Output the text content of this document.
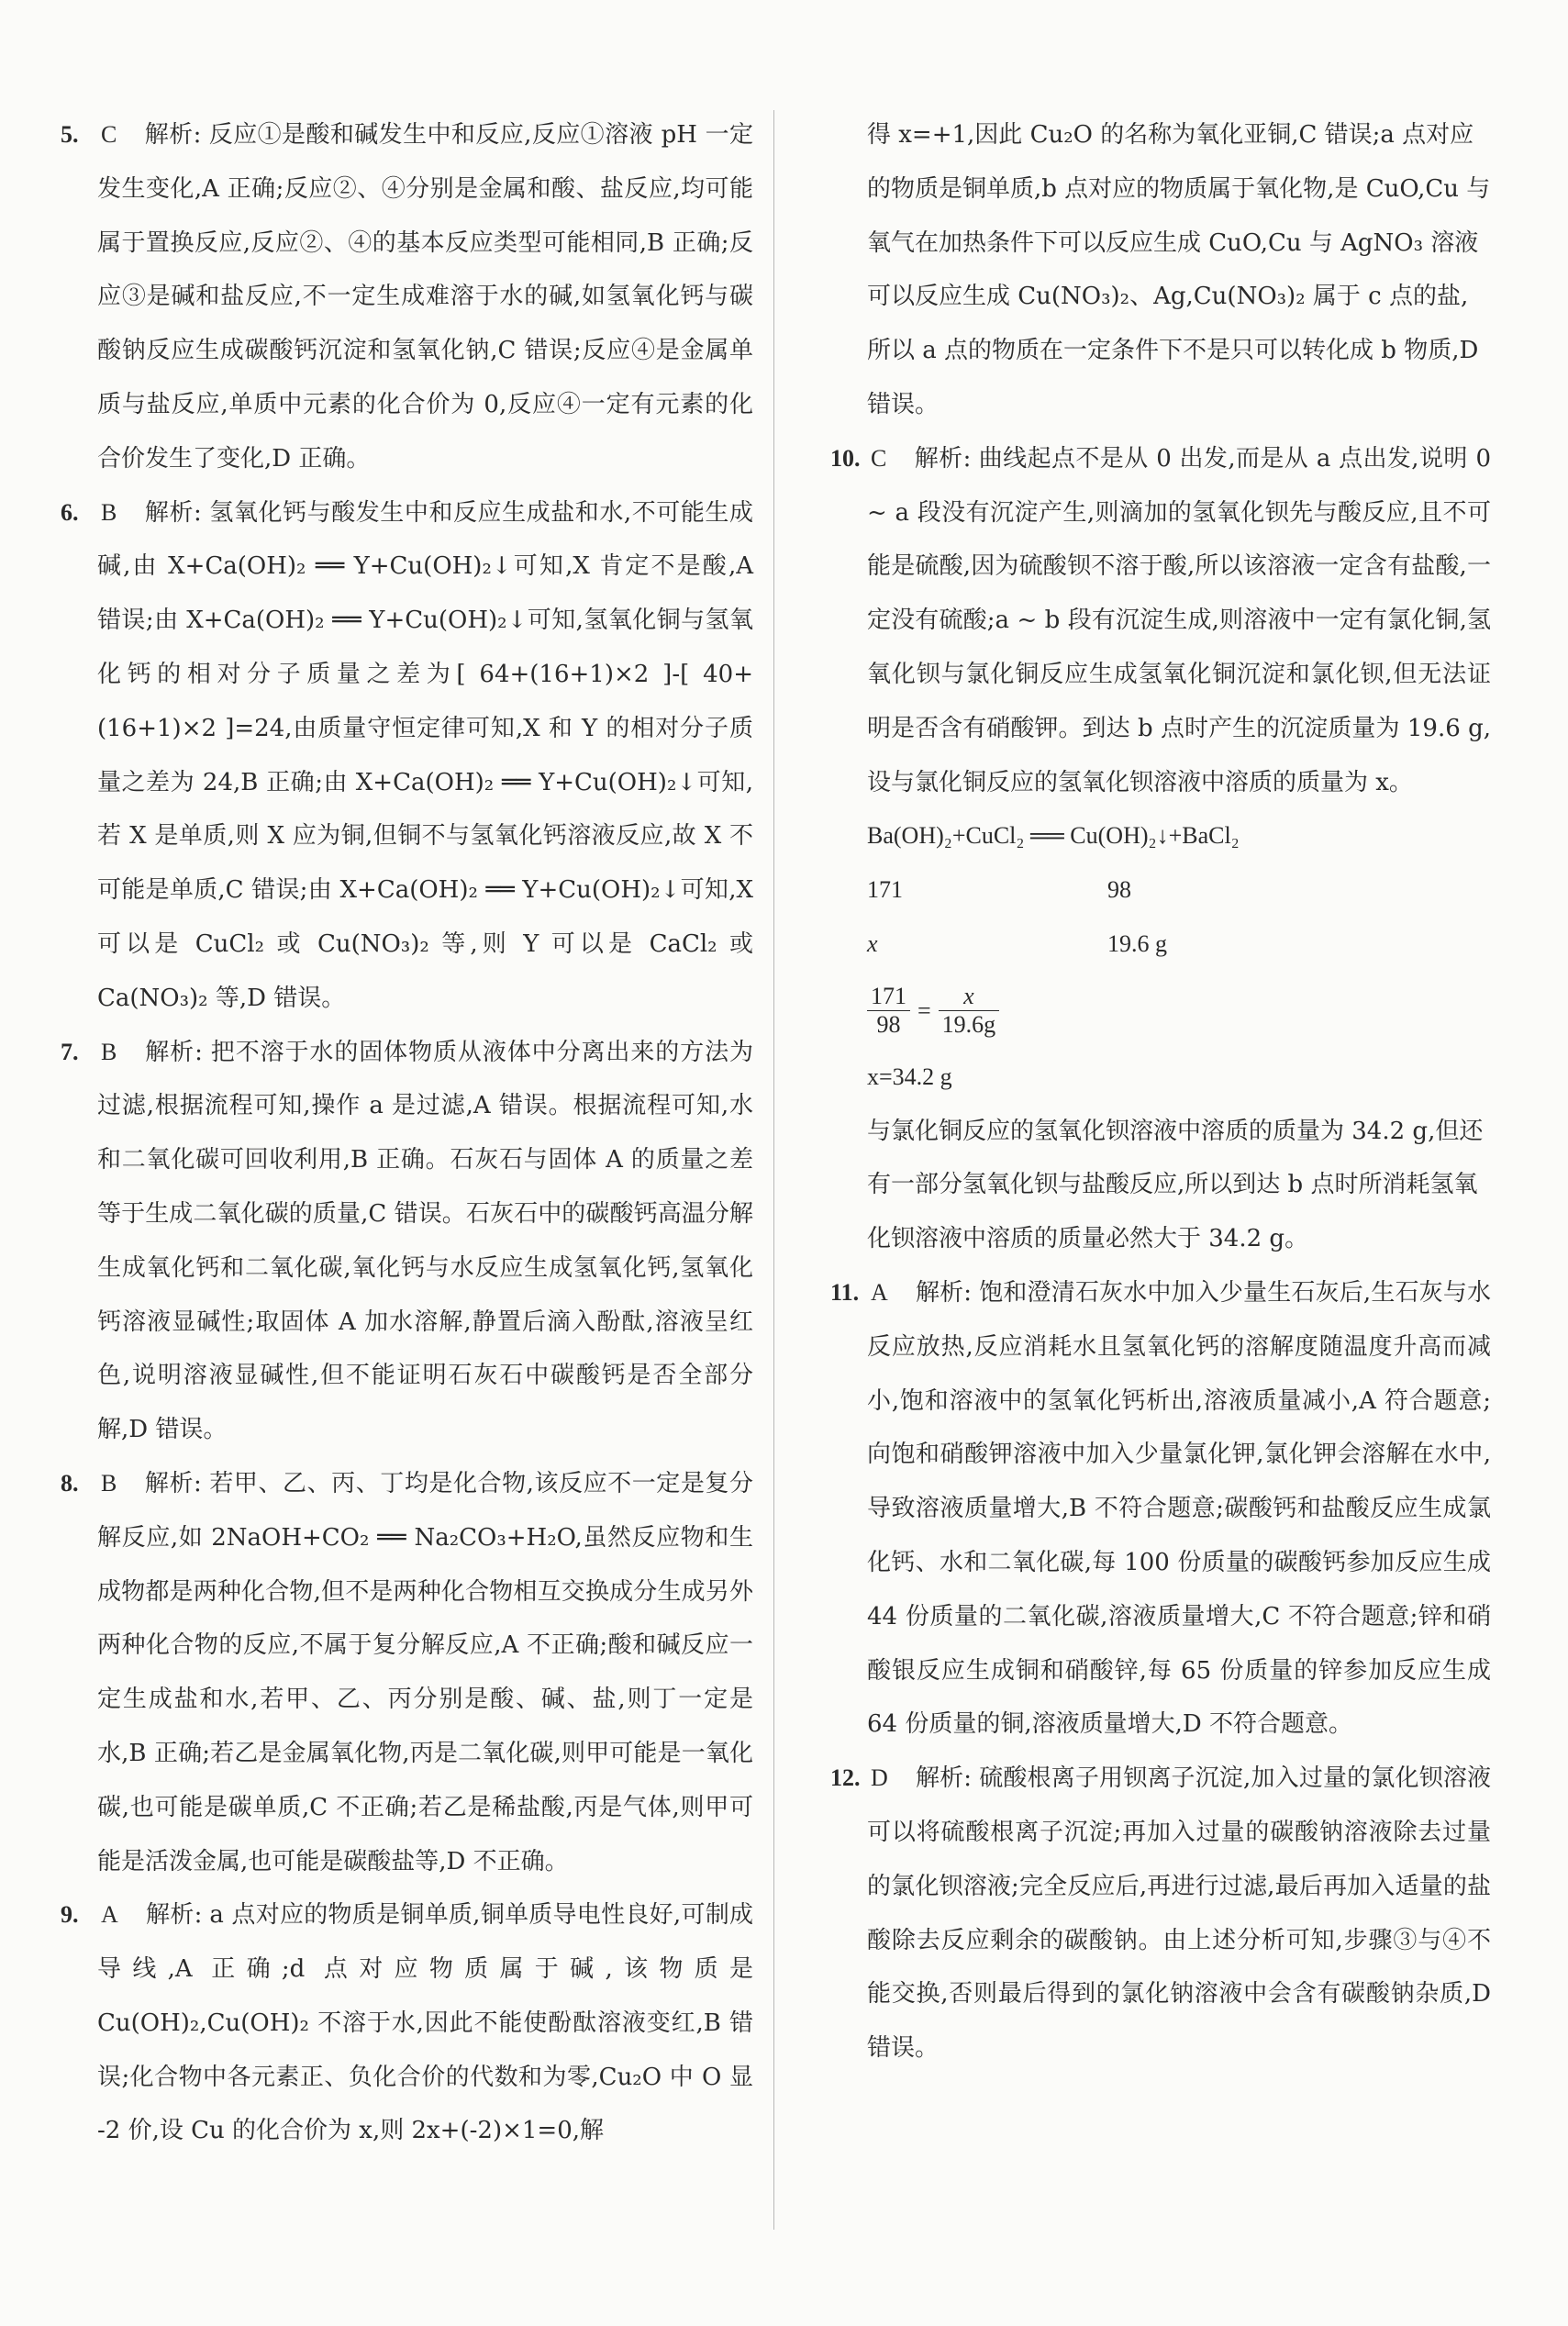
5. C 解析: 反应①是酸和碱发生中和反应,反应①溶液 pH 一定发生变化,A 正确;反应②、④分别是金属和酸、盐反应,均可能属于置换反应,反应②、④的基本反应类型可能相同,B 正确;反应③是碱和盐反应,不一定生成难溶于水的碱,如氢氧化钙与碳酸钠反应生成碳酸钙沉淀和氢氧化钠,C 错误;反应④是金属单质与盐反应,单质中元素的化合价为 0,反应④一定有元素的化合价发生了变化,D 正确。

6. B 解析: 氢氧化钙与酸发生中和反应生成盐和水,不可能生成碱,由 X+Ca(OH)₂ ══ Y+Cu(OH)₂↓可知,X 肯定不是酸,A 错误;由 X+Ca(OH)₂ ══ Y+Cu(OH)₂↓可知,氢氧化铜与氢氧化钙的相对分子质量之差为[ 64+(16+1)×2 ]-[ 40+(16+1)×2 ]=24,由质量守恒定律可知,X 和 Y 的相对分子质量之差为 24,B 正确;由 X+Ca(OH)₂ ══ Y+Cu(OH)₂↓可知,若 X 是单质,则 X 应为铜,但铜不与氢氧化钙溶液反应,故 X 不可能是单质,C 错误;由 X+Ca(OH)₂ ══ Y+Cu(OH)₂↓可知,X 可以是 CuCl₂ 或 Cu(NO₃)₂ 等,则 Y 可以是 CaCl₂ 或 Ca(NO₃)₂ 等,D 错误。

7. B 解析: 把不溶于水的固体物质从液体中分离出来的方法为过滤,根据流程可知,操作 a 是过滤,A 错误。根据流程可知,水和二氧化碳可回收利用,B 正确。石灰石与固体 A 的质量之差等于生成二氧化碳的质量,C 错误。石灰石中的碳酸钙高温分解生成氧化钙和二氧化碳,氧化钙与水反应生成氢氧化钙,氢氧化钙溶液显碱性;取固体 A 加水溶解,静置后滴入酚酞,溶液呈红色,说明溶液显碱性,但不能证明石灰石中碳酸钙是否全部分解,D 错误。

8. B 解析: 若甲、乙、丙、丁均是化合物,该反应不一定是复分解反应,如 2NaOH+CO₂ ══ Na₂CO₃+H₂O,虽然反应物和生成物都是两种化合物,但不是两种化合物相互交换成分生成另外两种化合物的反应,不属于复分解反应,A 不正确;酸和碱反应一定生成盐和水,若甲、乙、丙分别是酸、碱、盐,则丁一定是水,B 正确;若乙是金属氧化物,丙是二氧化碳,则甲可能是一氧化碳,也可能是碳单质,C 不正确;若乙是稀盐酸,丙是气体,则甲可能是活泼金属,也可能是碳酸盐等,D 不正确。

9. A 解析: a 点对应的物质是铜单质,铜单质导电性良好,可制成导线,A 正确;d 点对应物质属于碱,该物质是 Cu(OH)₂,Cu(OH)₂ 不溶于水,因此不能使酚酞溶液变红,B 错误;化合物中各元素正、负化合价的代数和为零,Cu₂O 中 O 显 -2 价,设 Cu 的化合价为 x,则 2x+(-2)×1=0,解

得 x=+1,因此 Cu₂O 的名称为氧化亚铜,C 错误;a 点对应的物质是铜单质,b 点对应的物质属于氧化物,是 CuO,Cu 与氧气在加热条件下可以反应生成 CuO,Cu 与 AgNO₃ 溶液可以反应生成 Cu(NO₃)₂、Ag,Cu(NO₃)₂ 属于 c 点的盐,所以 a 点的物质在一定条件下不是只可以转化成 b 物质,D 错误。

10. C 解析: 曲线起点不是从 0 出发,而是从 a 点出发,说明 0 ~ a 段没有沉淀产生,则滴加的氢氧化钡先与酸反应,且不可能是硫酸,因为硫酸钡不溶于酸,所以该溶液一定含有盐酸,一定没有硫酸;a ~ b 段有沉淀生成,则溶液中一定有氯化铜,氢氧化钡与氯化铜反应生成氢氧化铜沉淀和氯化钡,但无法证明是否含有硝酸钾。到达 b 点时产生的沉淀质量为 19.6 g,设与氯化铜反应的氢氧化钡溶液中溶质的质量为 x。

Ba(OH)₂+CuCl₂ ══ Cu(OH)₂↓+BaCl₂
171	98
x	19.6 g
$\frac{171}{98} = \frac{x}{19.6g}$
x=34.2 g

与氯化铜反应的氢氧化钡溶液中溶质的质量为 34.2 g,但还有一部分氢氧化钡与盐酸反应,所以到达 b 点时所消耗氢氧化钡溶液中溶质的质量必然大于 34.2 g。

11. A 解析: 饱和澄清石灰水中加入少量生石灰后,生石灰与水反应放热,反应消耗水且氢氧化钙的溶解度随温度升高而减小,饱和溶液中的氢氧化钙析出,溶液质量减小,A 符合题意;向饱和硝酸钾溶液中加入少量氯化钾,氯化钾会溶解在水中,导致溶液质量增大,B 不符合题意;碳酸钙和盐酸反应生成氯化钙、水和二氧化碳,每 100 份质量的碳酸钙参加反应生成 44 份质量的二氧化碳,溶液质量增大,C 不符合题意;锌和硝酸银反应生成铜和硝酸锌,每 65 份质量的锌参加反应生成 64 份质量的铜,溶液质量增大,D 不符合题意。

12. D 解析: 硫酸根离子用钡离子沉淀,加入过量的氯化钡溶液可以将硫酸根离子沉淀;再加入过量的碳酸钠溶液除去过量的氯化钡溶液;完全反应后,再进行过滤,最后再加入适量的盐酸除去反应剩余的碳酸钠。由上述分析可知,步骤③与④不能交换,否则最后得到的氯化钠溶液中会含有碳酸钠杂质,D 错误。
